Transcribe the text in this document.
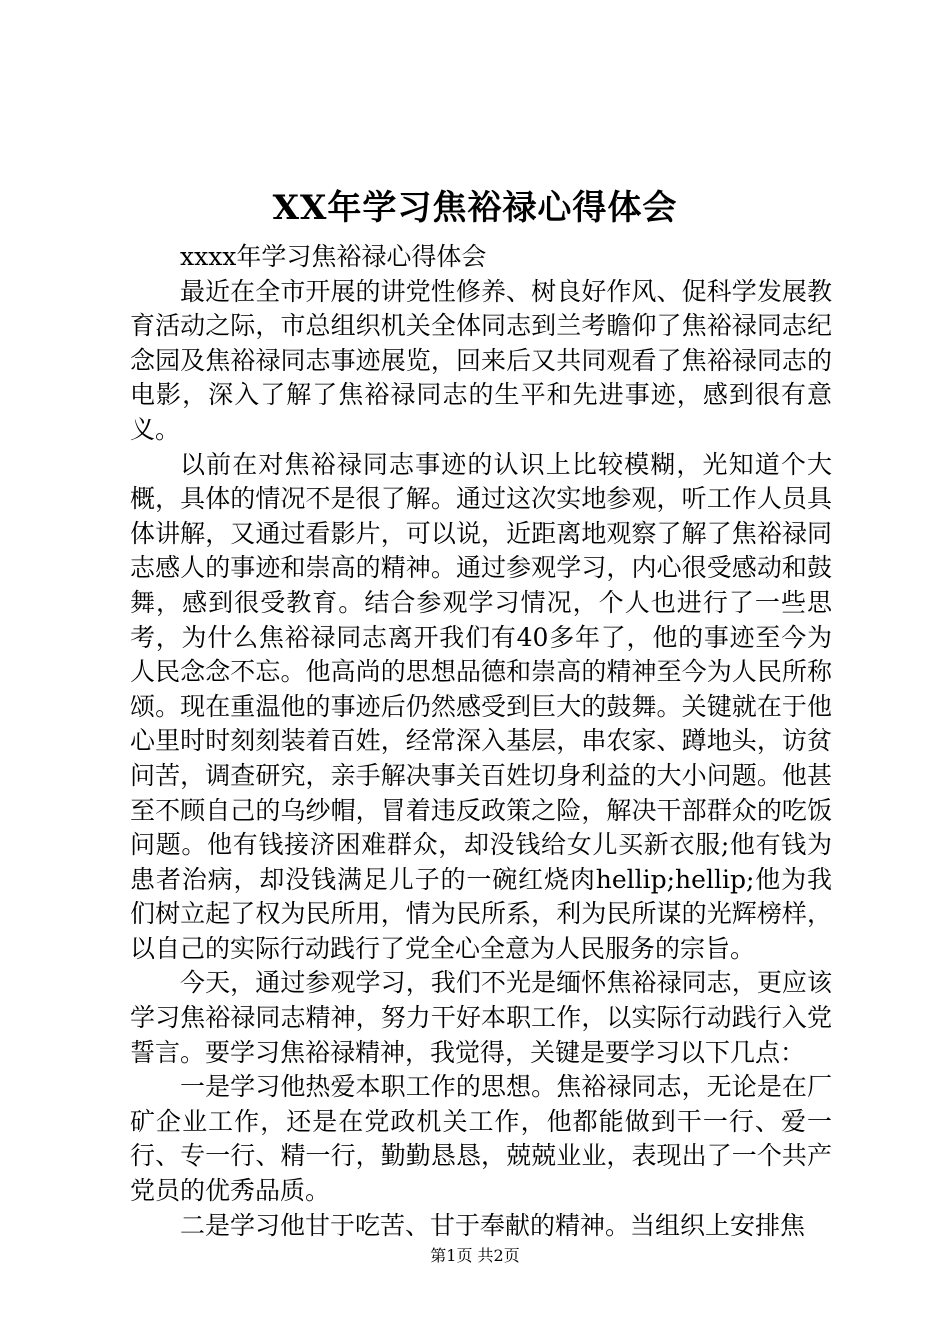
XX年学习焦裕禄心得体会

xxxx年学习焦裕禄心得体会

最近在全市开展的讲党性修养、树良好作风、促科学发展教育活动之际，市总组织机关全体同志到兰考瞻仰了焦裕禄同志纪念园及焦裕禄同志事迹展览，回来后又共同观看了焦裕禄同志的电影，深入了解了焦裕禄同志的生平和先进事迹，感到很有意义。

以前在对焦裕禄同志事迹的认识上比较模糊，光知道个大概，具体的情况不是很了解。通过这次实地参观，听工作人员具体讲解，又通过看影片，可以说，近距离地观察了解了焦裕禄同志感人的事迹和崇高的精神。通过参观学习，内心很受感动和鼓舞，感到很受教育。结合参观学习情况，个人也进行了一些思考，为什么焦裕禄同志离开我们有40多年了，他的事迹至今为人民念念不忘。他高尚的思想品德和崇高的精神至今为人民所称颂。现在重温他的事迹后仍然感受到巨大的鼓舞。关键就在于他心里时时刻刻装着百姓，经常深入基层，串农家、蹲地头，访贫问苦，调查研究，亲手解决事关百姓切身利益的大小问题。他甚至不顾自己的乌纱帽，冒着违反政策之险，解决干部群众的吃饭问题。他有钱接济困难群众，却没钱给女儿买新衣服;他有钱为患者治病，却没钱满足儿子的一碗红烧肉hellip;hellip;他为我们树立起了权为民所用，情为民所系，利为民所谋的光辉榜样，以自己的实际行动践行了党全心全意为人民服务的宗旨。

今天，通过参观学习，我们不光是缅怀焦裕禄同志，更应该学习焦裕禄同志精神，努力干好本职工作，以实际行动践行入党誓言。要学习焦裕禄精神，我觉得，关键是要学习以下几点：

一是学习他热爱本职工作的思想。焦裕禄同志，无论是在厂矿企业工作，还是在党政机关工作，他都能做到干一行、爱一行、专一行、精一行，勤勤恳恳，兢兢业业，表现出了一个共产党员的优秀品质。

二是学习他甘于吃苦、甘于奉献的精神。当组织上安排焦

第1页 共2页
